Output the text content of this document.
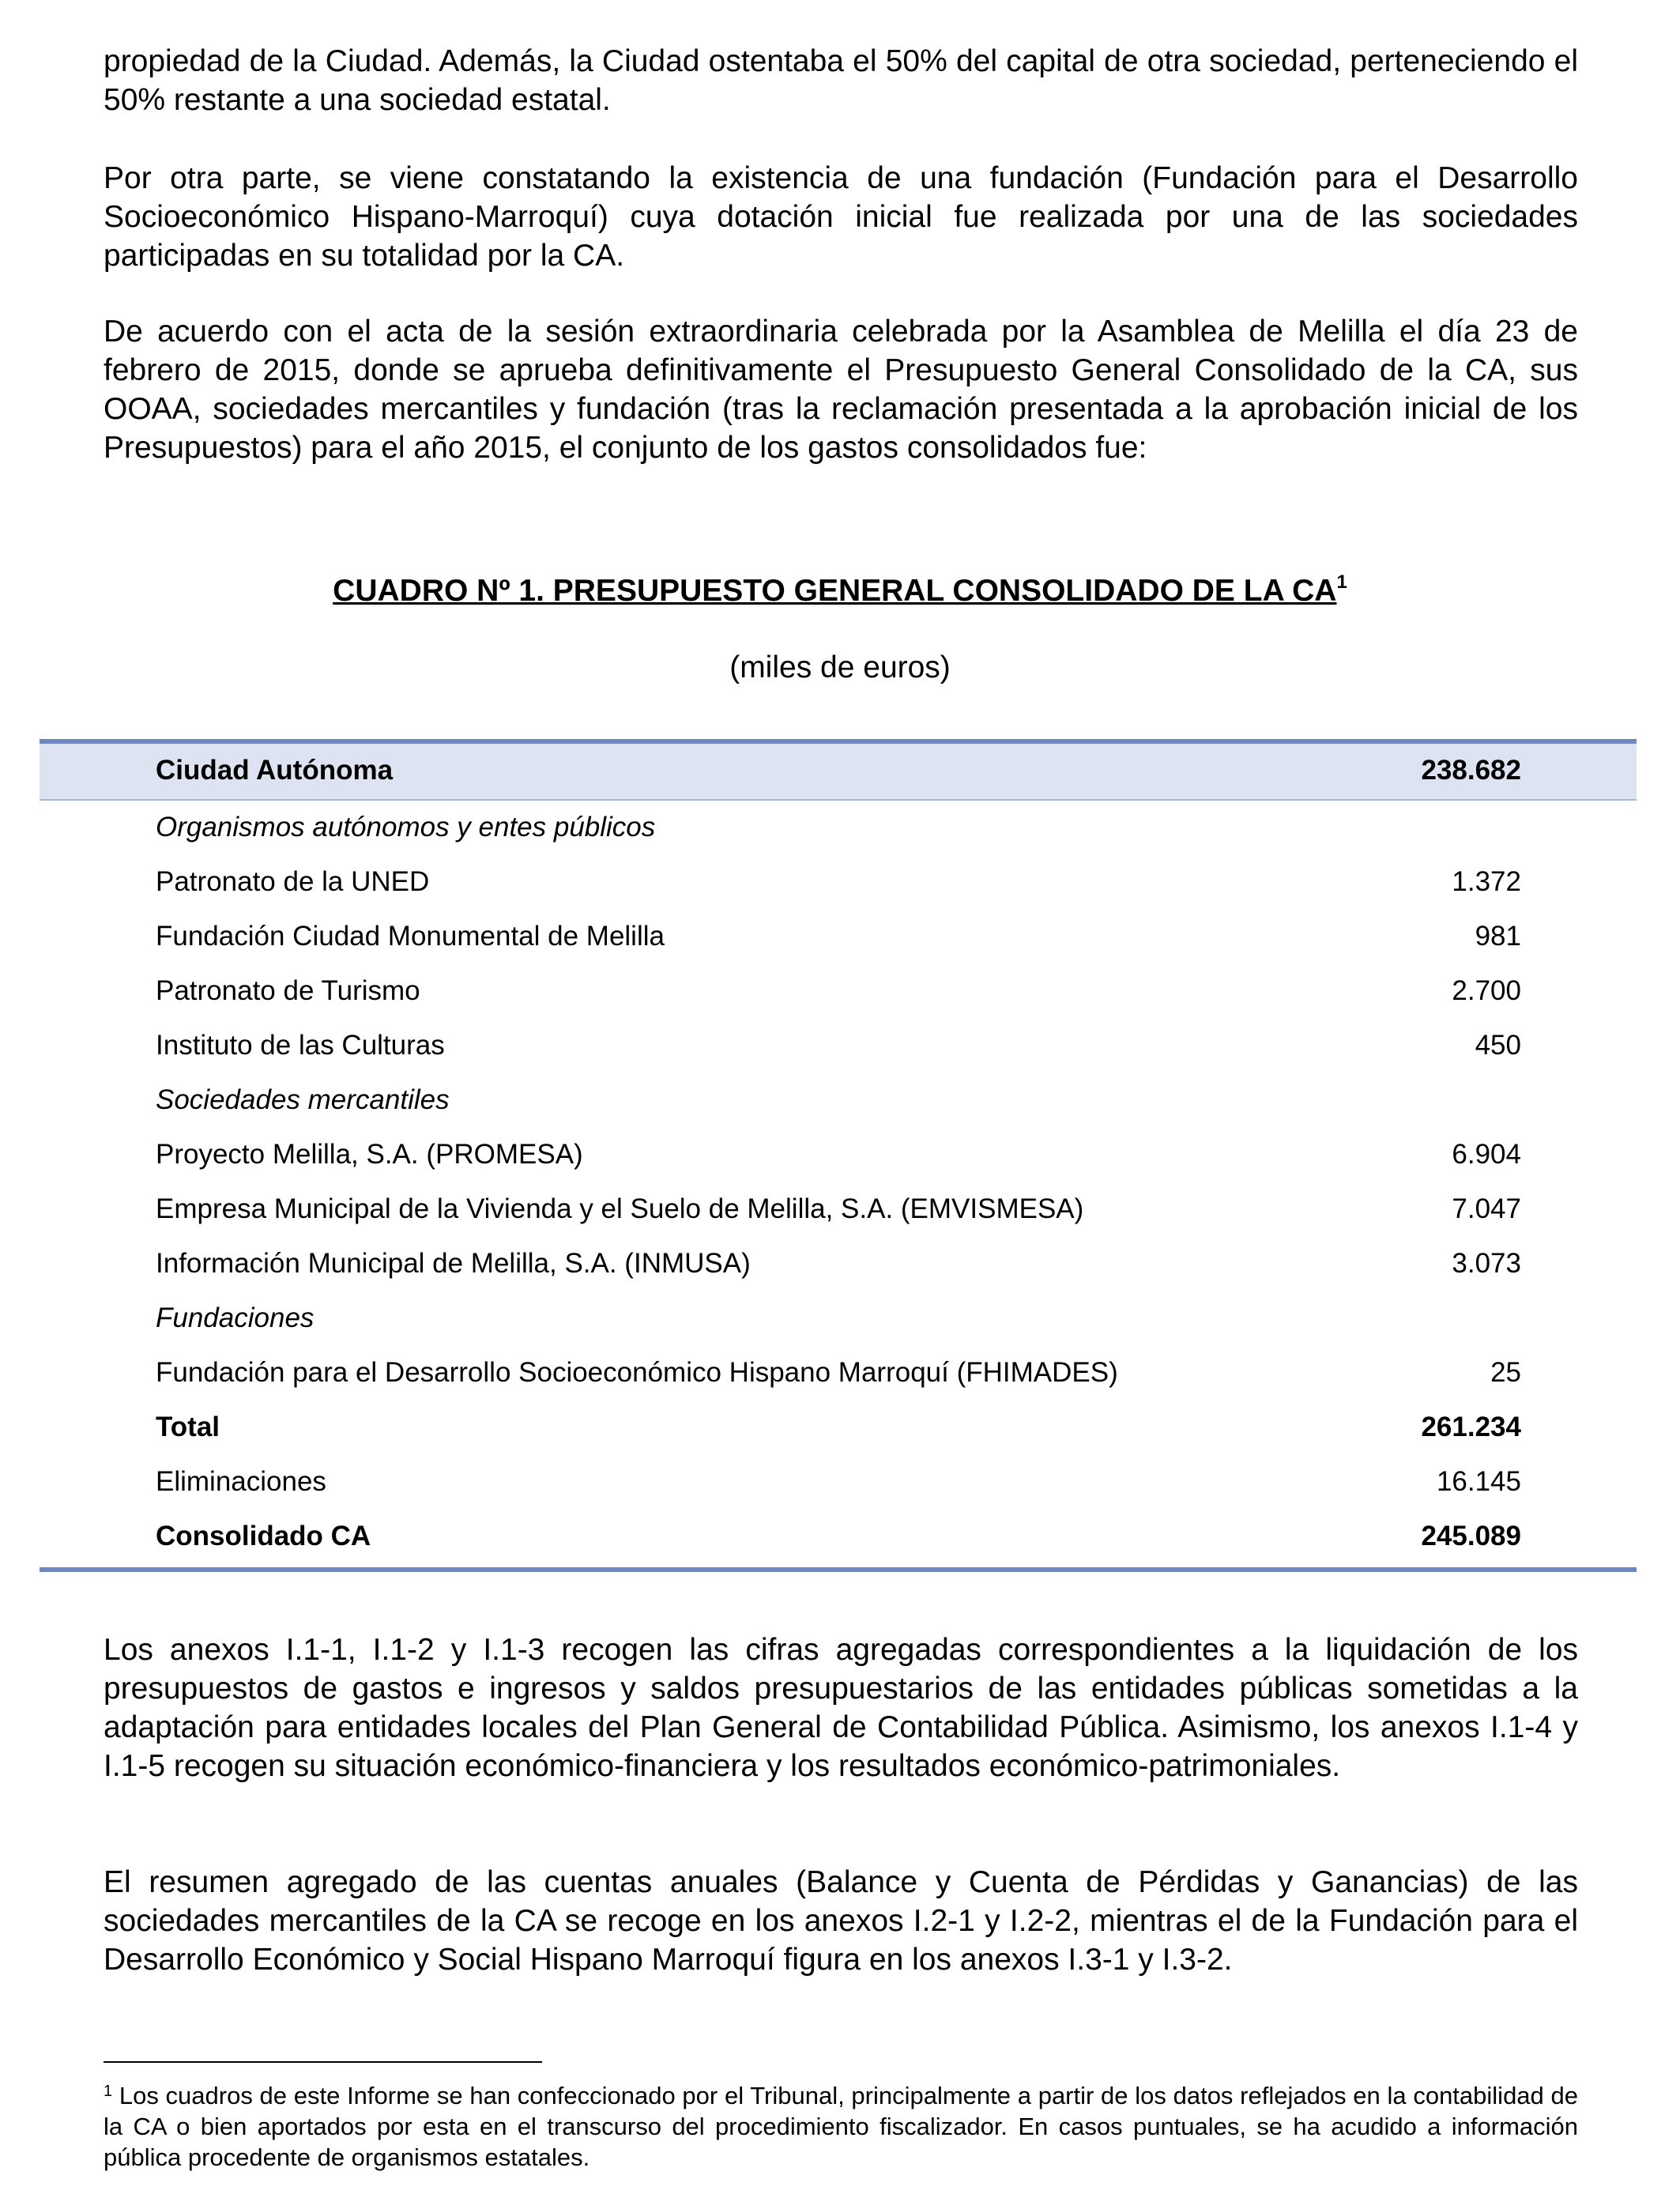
propiedad de la Ciudad. Además, la Ciudad ostentaba el 50% del capital de otra sociedad, perteneciendo el 50% restante a una sociedad estatal.

Por otra parte, se viene constatando la existencia de una fundación (Fundación para el Desarrollo Socioeconómico Hispano-Marroquí) cuya dotación inicial fue realizada por una de las sociedades participadas en su totalidad por la CA.

De acuerdo con el acta de la sesión extraordinaria celebrada por la Asamblea de Melilla el día 23 de febrero de 2015, donde se aprueba definitivamente el Presupuesto General Consolidado de la CA, sus OOAA, sociedades mercantiles y fundación (tras la reclamación presentada a la aprobación inicial de los Presupuestos) para el año 2015, el conjunto de los gastos consolidados fue:

CUADRO Nº 1. PRESUPUESTO GENERAL CONSOLIDADO DE LA $CA^1$
(miles de euros)
Ciudad Autónoma	238.682
Organismos autónomos y entes públicos
Patronato de la UNED	1.372
Fundación Ciudad Monumental de Melilla	981
Patronato de Turismo	2.700
Instituto de las Culturas	450
Sociedades mercantiles
Proyecto Melilla, S.A. (PROMESA)	6.904
Empresa Municipal de la Vivienda y el Suelo de Melilla, S.A. (EMVISMESA)	7.047
Información Municipal de Melilla, S.A. (INMUSA)	3.073
Fundaciones
Fundación para el Desarrollo Socioeconómico Hispano Marroquí (FHIMADES)	25
Total	261.234
Eliminaciones	16.145
Consolidado CA	245.089

Los anexos I.1-1, I.1-2 y I.1-3 recogen las cifras agregadas correspondientes a la liquidación de los presupuestos de gastos e ingresos y saldos presupuestarios de las entidades públicas sometidas a la adaptación para entidades locales del Plan General de Contabilidad Pública. Asimismo, los anexos I.1-4 y I.1-5 recogen su situación económico-financiera y los resultados económico-patrimoniales.

El resumen agregado de las cuentas anuales (Balance y Cuenta de Pérdidas y Ganancias) de las sociedades mercantiles de la CA se recoge en los anexos I.2-1 y I.2-2, mientras el de la Fundación para el Desarrollo Económico y Social Hispano Marroquí figura en los anexos I.3-1 y I.3-2.

$^1$ Los cuadros de este Informe se han confeccionado por el Tribunal, principalmente a partir de los datos reflejados en la contabilidad de la CA o bien aportados por esta en el transcurso del procedimiento fiscalizador. En casos puntuales, se ha acudido a información pública procedente de organismos estatales.
